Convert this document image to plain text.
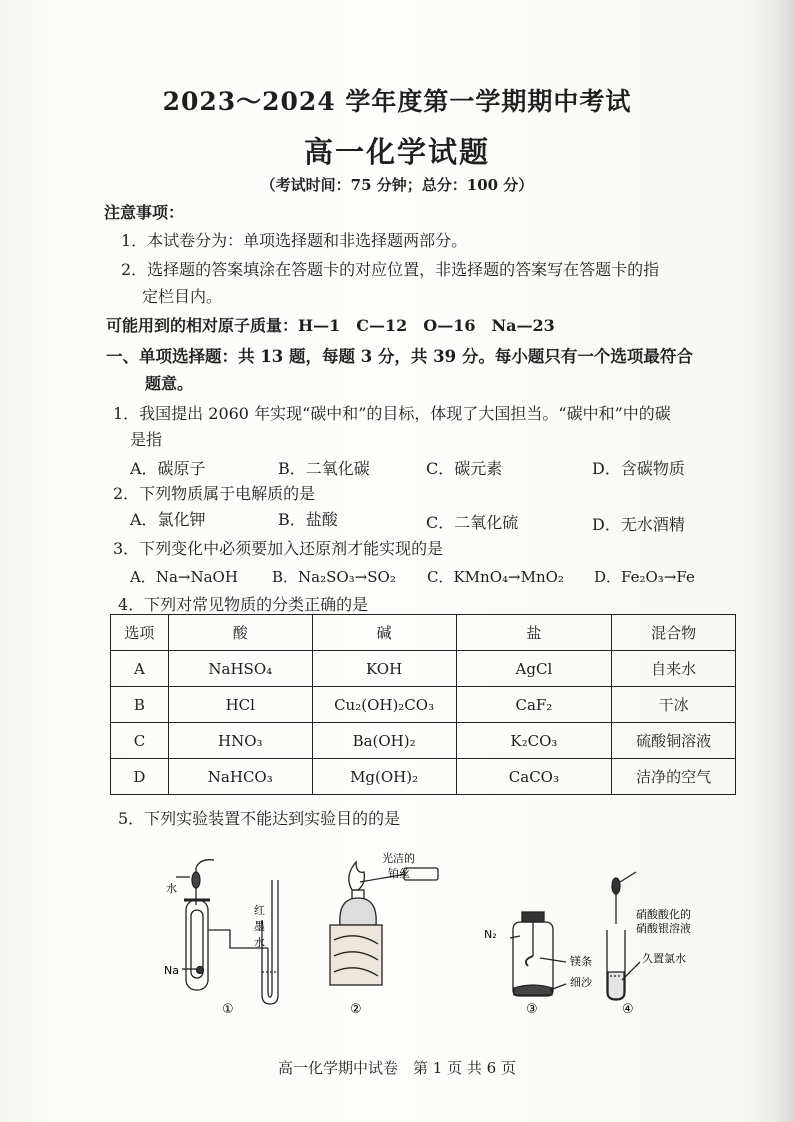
2023～2024 学年度第一学期期中考试
高一化学试题
（考试时间：75 分钟；总分：100 分）
注意事项：
1．本试卷分为：单项选择题和非选择题两部分。
2．选择题的答案填涂在答题卡的对应位置，非选择题的答案写在答题卡的指
定栏目内。
可能用到的相对原子质量：H—1　C—12　O—16　Na—23
一、单项选择题：共 13 题，每题 3 分，共 39 分。每小题只有一个选项最符合
题意。
1．我国提出 2060 年实现“碳中和”的目标，体现了大国担当。“碳中和”中的碳
是指
A．碳原子	B．二氧化碳	C．碳元素	D．含碳物质
2．下列物质属于电解质的是
A．氯化钾	B．盐酸	C．二氧化硫	D．无水酒精
3．下列变化中必须要加入还原剂才能实现的是
A．Na→NaOH B．Na₂SO₃→SO₂ C．KMnO₄→MnO₂ D．Fe₂O₃→Fe
4．下列对常见物质的分类正确的是
选项	酸	碱	盐	混合物
A	NaHSO₄	KOH	AgCl	自来水
B	HCl	Cu₂(OH)₂CO₃	CaF₂	干冰
C	HNO₃	Ba(OH)₂	K₂CO₃	硫酸铜溶液
D	NaHCO₃	Mg(OH)₂	CaCO₃	洁净的空气
5．下列实验装置不能达到实验目的的是
水
Na
红
墨
水
①
光洁的
铂丝
②
N₂
镁条
细沙
③
硝酸酸化的
硝酸银溶液
久置氯水
④
高一化学期中试卷　第 1 页 共 6 页
